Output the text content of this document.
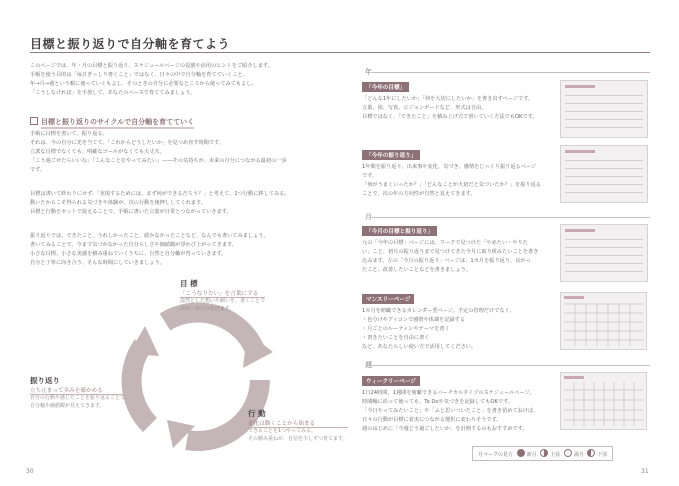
目標と振り返りで自分軸を育てよう

このページでは、年・月の目標と振り返り、スケジュールページの役割や活用のヒントをご紹介します。

手帳を使う目的は「毎日ぎっしり書くこと」ではなく、日々の中で自分軸を育てていくこと。

年→月→週という順に使っていくもよし、そのときの自分に必要なところから使ってみてもよし。

「こうしなければ」を手放して、あなたのペースで育ててみましょう。

目標と振り返りのサイクルで自分軸を育てていく

手帳に目標を書いて、振り返る。

それは、今の自分に光を当てて、「これからどうしたいか」を見つめ直す時間です。

立派な目標でなくても、明確なゴールがなくても大丈夫。

「こう過ごせたらいいな」「こんなことをやってみたい」——その気持ちが、未来の自分につながる最初の一歩

です。

目標は書いて終わりにせず、「実現するためには、まず何ができるだろう？」と考えて、1つ行動に移してみる。

動いたからこそ得られる気づきや体験が、次の行動を後押ししてくれます。

目標と行動をセットで捉えることで、手帳に書いた言葉が日常とつながっていきます。

振り返りでは、できたこと、うれしかったこと、続かなかったことなど、なんでも書いてみましょう。

書いてみることで、今まで気づかなかった自分らしさや価値観が浮かび上がってきます。

小さな目標、小さな実感を積み重ねていくうちに、自然と自分軸が育っていきます。

自分と丁寧に向き合う、そんな時間にしていきましょう。

目 標
「こうなりたい」を言葉にする
漠然とした想いや願いを、書くことで
次の一歩につなげます。
振り返り
立ち止まって歩みを確かめる
自分の行動や感じたことを振り返ることで、
自分軸や価値観が見えてきます。
行 動
変化は動くことから始まる
できることを1つやってみる。
その積み重ねが、自信を少しずつ育てます。
30
年
「今年の目標」

「どんな1年にしたいか」「何を大切にしたいか」を書き出すページです。

言葉、図、写真、ビジョンボードなど、形式は自由。

目標ではなく、「できたこと」を積み上げ式で書いていく方法でもOKです。

「今年の振り返り」

1年間を振り返り、出来事や変化、気づき、感情をじっくり振り返るページ

です。

「何がうまくいったか？」「どんなことが大切だと気づいたか？」を振り返る

ことで、次の年の方向性が自然と見えてきます。

月
「今月の目標と振り返り」

元の「今年の目標」ページには、ワークで見つけた「やめたい・やりた

い」こと、初月の振り返りまで見つけてきた今月に取り組みたいことを書き

込みます。左の「今月の振り返り」ページは、1カ月を振り返り、良かっ

たこと、改善したいことなどを書きましょう。

マンスリーページ

1カ月を俯瞰できるカレンダー型ページ。予定の管理だけでなく、

・色分けやアイコンで感情や体調を記録する

・月ごとのルーティンやテーマを書く

・書きたいことを自由に書く

など、あなたらしい使い方で活用してください。

週
ウィークリーページ

1日24時間、1週間を俯瞰できるバーチカルタイプのスケジュールページ。

時間軸に沿って使っても、To Doや気づきを記録してもOKです。

「今日やってみたいこと」や「ふと思いついたこと」を書き留めておけば、

日々の行動が目標に着実につながる選択に変わりそうです。

週のはじめに「今週どう過ごしたいか」を計画するのもおすすめです。

月マークの見方	新月	上弦	満月	下弦
31
